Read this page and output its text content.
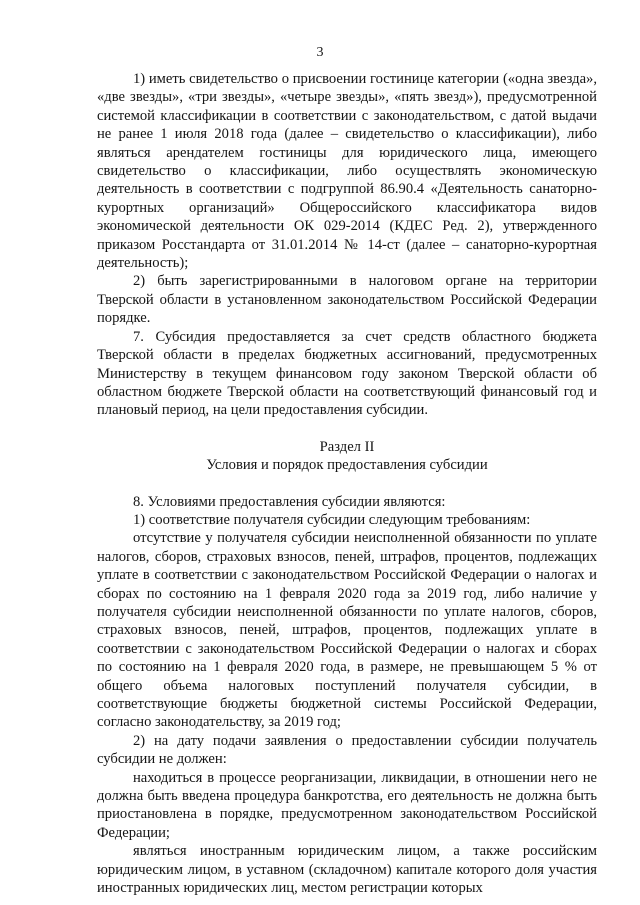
3

1) иметь свидетельство о присвоении гостинице категории («одна звезда», «две звезды», «три звезды», «четыре звезды», «пять звезд»), предусмотренной системой классификации в соответствии с законодательством, с датой выдачи не ранее 1 июля 2018 года (далее – свидетельство о классификации), либо являться арендателем гостиницы для юридического лица, имеющего свидетельство о классификации, либо осуществлять экономическую деятельность в соответствии с подгруппой 86.90.4 «Деятельность санаторно-курортных организаций» Общероссийского классификатора видов экономической деятельности ОК 029-2014 (КДЕС Ред. 2), утвержденного приказом Росстандарта от 31.01.2014 № 14-ст (далее – санаторно-курортная деятельность);

2) быть зарегистрированными в налоговом органе на территории Тверской области в установленном законодательством Российской Федерации порядке.

7. Субсидия предоставляется за счет средств областного бюджета Тверской области в пределах бюджетных ассигнований, предусмотренных Министерству в текущем финансовом году законом Тверской области об областном бюджете Тверской области на соответствующий финансовый год и плановый период, на цели предоставления субсидии.

Раздел II

Условия и порядок предоставления субсидии

8. Условиями предоставления субсидии являются:

1) соответствие получателя субсидии следующим требованиям:

отсутствие у получателя субсидии неисполненной обязанности по уплате налогов, сборов, страховых взносов, пеней, штрафов, процентов, подлежащих уплате в соответствии с законодательством Российской Федерации о налогах и сборах по состоянию на 1 февраля 2020 года за 2019 год, либо наличие у получателя субсидии неисполненной обязанности по уплате налогов, сборов, страховых взносов, пеней, штрафов, процентов, подлежащих уплате в соответствии с законодательством Российской Федерации о налогах и сборах по состоянию на 1 февраля 2020 года, в размере, не превышающем 5 % от общего объема налоговых поступлений получателя субсидии, в соответствующие бюджеты бюджетной системы Российской Федерации, согласно законодательству, за 2019 год;

2) на дату подачи заявления о предоставлении субсидии получатель субсидии не должен:

находиться в процессе реорганизации, ликвидации, в отношении него не должна быть введена процедура банкротства, его деятельность не должна быть приостановлена в порядке, предусмотренном законодательством Российской Федерации;

являться иностранным юридическим лицом, а также российским юридическим лицом, в уставном (складочном) капитале которого доля участия иностранных юридических лиц, местом регистрации которых
